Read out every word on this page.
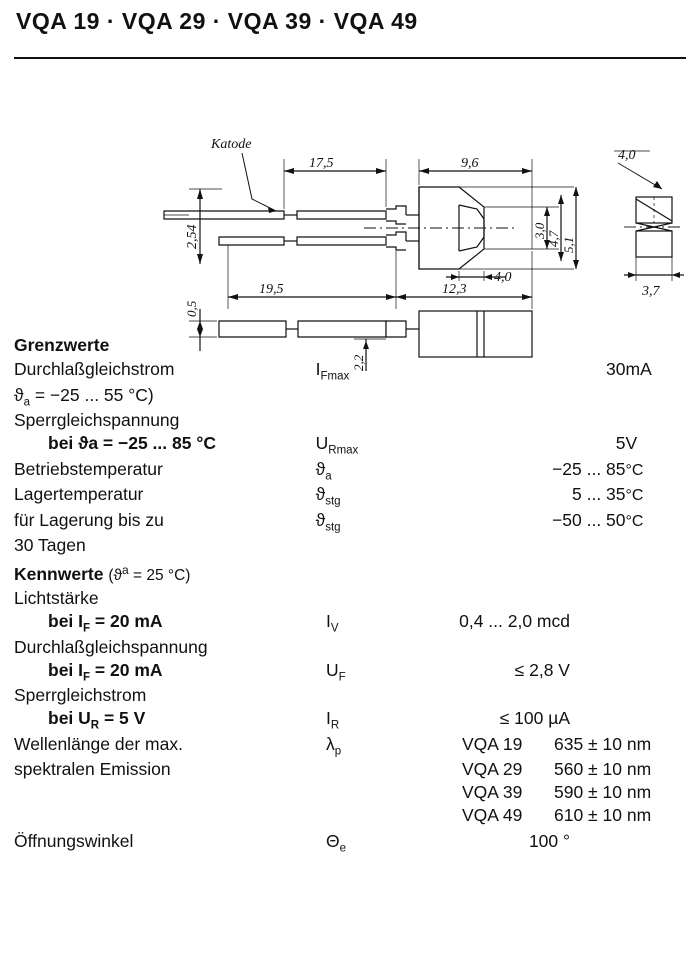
VQA 19 · VQA 29 · VQA 39 · VQA 49
Katode
17,5	9,6
2,54	3,0 4,7 5,1
19,5	12,3
4,0
4,0
3,7
0,5
2,2
Grenzwerte
Durchlaßgleichstrom	$I_{Fmax}$	30	mA
$ϑ_a = -25$ ... 55 °C)			
Sperrgleichspannung			
bei ϑa = −25 ... 85 °C	$U_{Rmax}$	5	V
Betriebstemperatur	$ϑ_a$	−25 ... 85	°C
Lagertemperatur	$ϑ_{stg}$	5 ... 35	°C
für Lagerung bis zu	$ϑ_{stg}$	−50 ... 50	°C
30 Tagen			
Kennwerte ($ϑ^a = 25$ °C)
Lichtstärke		
bei $I_F = 20$ mA	$I_V$	0,4 ... 2,0 mcd
Durchlaßgleichspannung		
bei $I_F = 20$ mA	$U_F$	≤ 2,8 V
Sperrgleichstrom		
bei $U_R = 5$ V	$I_R$	≤ 100 µA
Wellenlänge der max.	$\lambda_p$	VQA 19 635 ± 10 nm
spektralen Emission		VQA 29 560 ± 10 nm
		VQA 39 590 ± 10 nm
		VQA 49 610 ± 10 nm
Öffnungswinkel	$\Theta_e$	100 °
